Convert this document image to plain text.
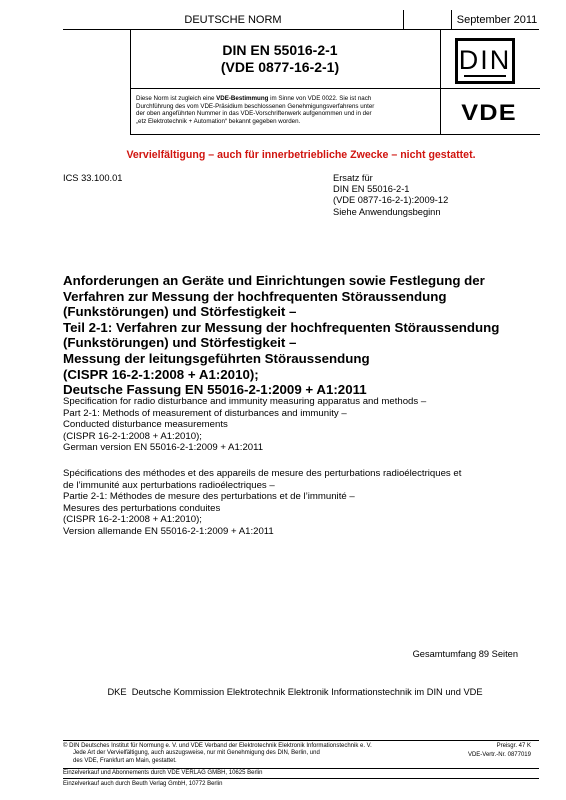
DEUTSCHE NORM	September 2011
DIN EN 55016-2-1
(VDE 0877-16-2-1)	DIN
Diese Norm ist zugleich eine VDE-Bestimmung im Sinne von VDE 0022. Sie ist nach
Durchführung des vom VDE-Präsidium beschlossenen Genehmigungsverfahrens unter
der oben angeführten Nummer in das VDE-Vorschriftenwerk aufgenommen und in der
„etz Elektrotechnik + Automation“ bekannt gegeben worden.	VDE
Vervielfältigung – auch für innerbetriebliche Zwecke – nicht gestattet.
ICS 33.100.01	Ersatz für
DIN EN 55016-2-1
(VDE 0877-16-2-1):2009-12
Siehe Anwendungsbeginn
Anforderungen an Geräte und Einrichtungen sowie Festlegung der
Verfahren zur Messung der hochfrequenten Störaussendung
(Funkstörungen) und Störfestigkeit –
Teil 2-1: Verfahren zur Messung der hochfrequenten Störaussendung
(Funkstörungen) und Störfestigkeit –
Messung der leitungsgeführten Störaussendung
(CISPR 16-2-1:2008 + A1:2010);
Deutsche Fassung EN 55016-2-1:2009 + A1:2011
Specification for radio disturbance and immunity measuring apparatus and methods –
Part 2-1: Methods of measurement of disturbances and immunity –
Conducted disturbance measurements
(CISPR 16-2-1:2008 + A1:2010);
German version EN 55016-2-1:2009 + A1:2011
Spécifications des méthodes et des appareils de mesure des perturbations radioélectriques et
de l’immunité aux perturbations radioélectriques –
Partie 2-1: Méthodes de mesure des perturbations et de l’immunité –
Mesures des perturbations conduites
(CISPR 16-2-1:2008 + A1:2010);
Version allemande EN 55016-2-1:2009 + A1:2011
Gesamtumfang 89 Seiten
DKE  Deutsche Kommission Elektrotechnik Elektronik Informationstechnik im DIN und VDE
© DIN Deutsches Institut für Normung e. V. und VDE Verband der Elektrotechnik Elektronik Informationstechnik e. V.
Jede Art der Vervielfältigung, auch auszugsweise, nur mit Genehmigung des DIN, Berlin, und
des VDE, Frankfurt am Main, gestattet.
Preisgr. 47 K
VDE-Vertr.-Nr. 0877019
Einzelverkauf und Abonnements durch VDE VERLAG GMBH, 10625 Berlin
Einzelverkauf auch durch Beuth Verlag GmbH, 10772 Berlin
